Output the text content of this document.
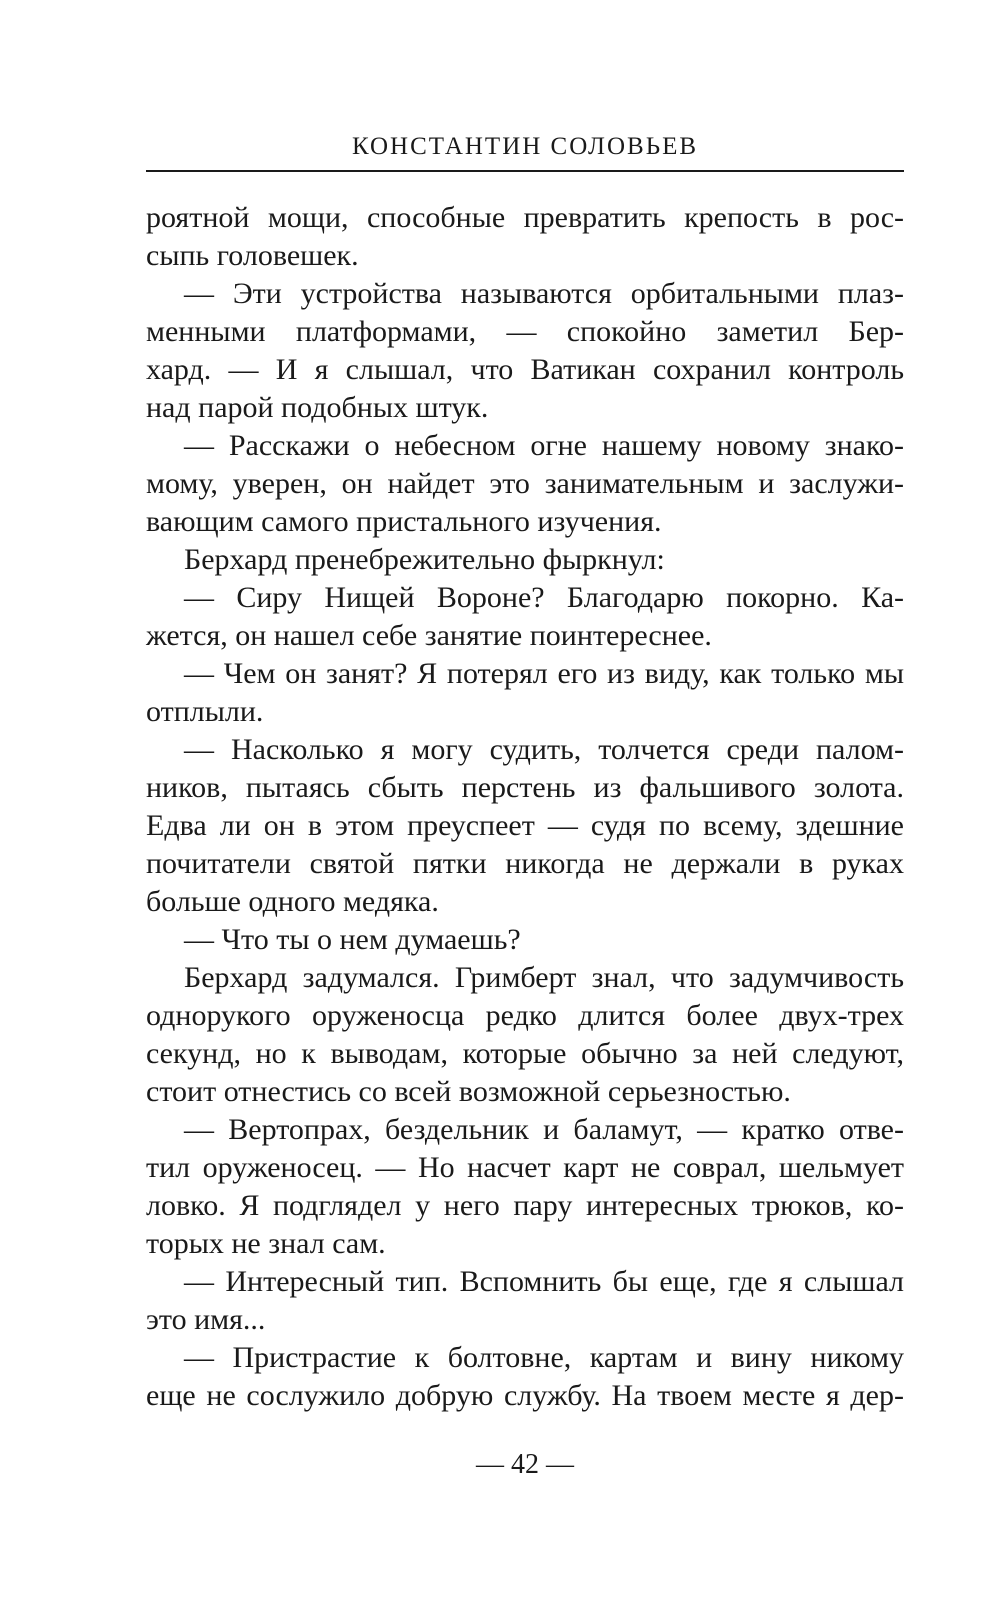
КОНСТАНТИН СОЛОВЬЕВ
роятной мощи, способные превратить крепость в рос-
сыпь головешек.
— Эти устройства называются орбитальными плаз-
менными платформами, — спокойно заметил Бер-
хард. — И я слышал, что Ватикан сохранил контроль
над парой подобных штук.
— Расскажи о небесном огне нашему новому знако-
мому, уверен, он найдет это занимательным и заслужи-
вающим самого пристального изучения.
Берхард пренебрежительно фыркнул:
— Сиру Нищей Вороне? Благодарю покорно. Ка-
жется, он нашел себе занятие поинтереснее.
— Чем он занят? Я потерял его из виду, как только мы
отплыли.
— Насколько я могу судить, толчется среди палом-
ников, пытаясь сбыть перстень из фальшивого золота.
Едва ли он в этом преуспеет — судя по всему, здешние
почитатели святой пятки никогда не держали в руках
больше одного медяка.
— Что ты о нем думаешь?
Берхард задумался. Гримберт знал, что задумчивость
однорукого оруженосца редко длится более двух-трех
секунд, но к выводам, которые обычно за ней следуют,
стоит отнестись со всей возможной серьезностью.
— Вертопрах, бездельник и баламут, — кратко отве-
тил оруженосец. — Но насчет карт не соврал, шельмует
ловко. Я подглядел у него пару интересных трюков, ко-
торых не знал сам.
— Интересный тип. Вспомнить бы еще, где я слышал
это имя...
— Пристрастие к болтовне, картам и вину никому
еще не сослужило добрую службу. На твоем месте я дер-
— 42 —
